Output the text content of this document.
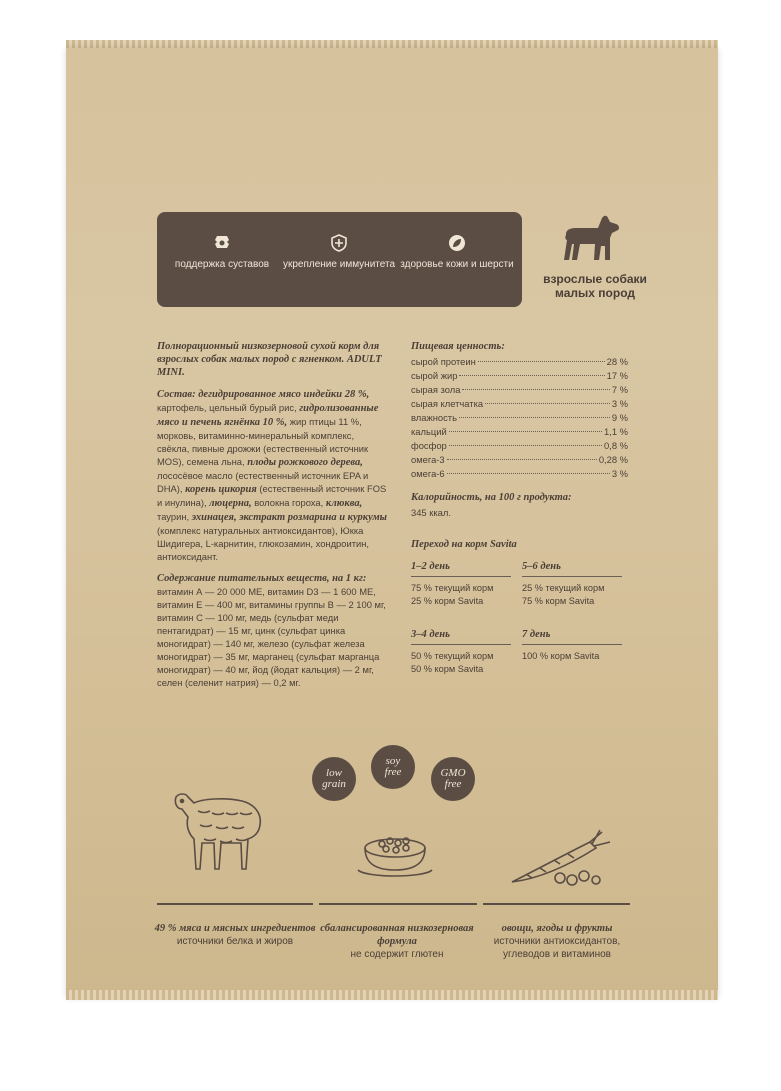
поддержка суставов	укрепление иммунитета здоровье кожи и шерсти
взрослые собаки малых пород

Полнорационный низкозерновой сухой корм для взрослых собак малых пород с ягненком. ADULT MINI.

Состав: дегидрированное мясо индейки 28 %, картофель, цельный бурый рис, гидролизованные мясо и печень ягнёнка 10 %, жир птицы 11 %, морковь, витаминно-минеральный комплекс, свёкла, пивные дрожжи (естественный источник MOS), семена льна, плоды рожкового дерева, лососёвое масло (естественный источник EPA и DHA), корень цикория (естественный источник FOS и инулина), люцерна, волокна гороха, клюква, таурин, эхинацея, экстракт розмарина и куркумы (комплекс натуральных антиоксидантов), Юкка Шидигера, L-карнитин, глюкозамин, хондроитин, антиоксидант.

Содержание питательных веществ, на 1 кг: витамин А — 20 000 МЕ, витамин D3 — 1 600 МЕ, витамин Е — 400 мг, витамины группы В — 2 100 мг, витамин С — 100 мг, медь (сульфат меди пентагидрат) — 15 мг, цинк (сульфат цинка моногидрат) — 140 мг, железо (сульфат железа моногидрат) — 35 мг, марганец (сульфат марганца моногидрат) — 40 мг, йод (йодат кальция) — 2 мг, селен (селенит натрия) — 0,2 мг.

Пищевая ценность:
сырой протеин	28 %
сырой жир	17 %
сырая зола	7 %
сырая клетчатка	3 %
влажность	9 %
кальций	1,1 %
фосфор	0,8 %
омега-3	0,28 %
омега-6	3 %
Калорийность, на 100 г продукта:
345 ккал.
Переход на корм Savita
1–2 день
75 % текущий корм
25 % корм Savita
5–6 день
25 % текущий корм
75 % корм Savita
3–4 день
50 % текущий корм
50 % корм Savita
7 день
100 % корм Savita
low
grain
soy
free	GMO
free
49 % мяса и мясных ингредиентов источники белка и жиров
сбалансированная низкозерновая формула
не содержит глютен
овощи, ягоды и фрукты
источники антиоксидантов, углеводов и витаминов
